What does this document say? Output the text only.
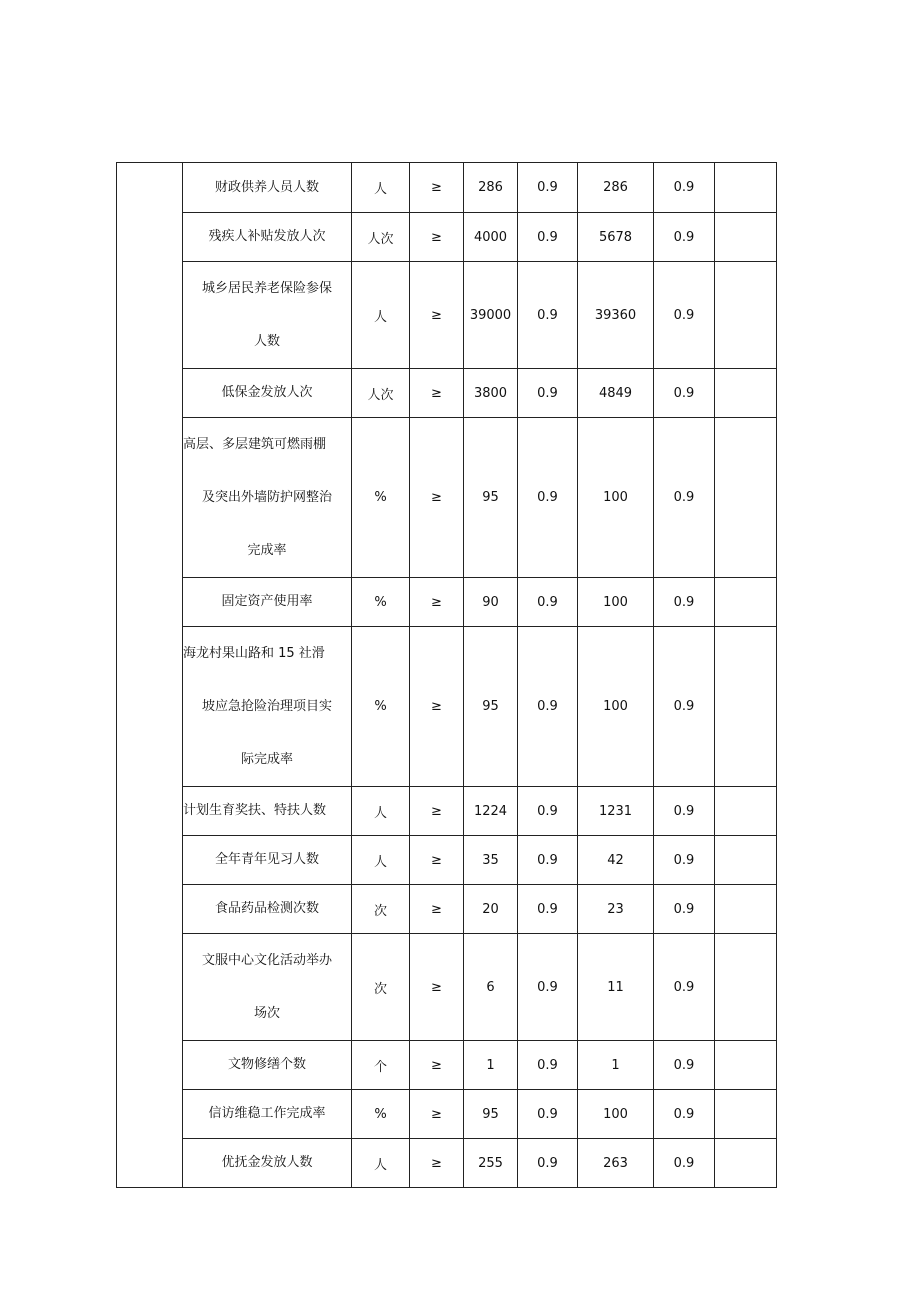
	财政供养人员人数	人	≥	286	0.9	286	0.9	

	残疾人补贴发放人次	人次	≥	4000	0.9	5678	0.9	

	城乡居民养老保险参保
人数	人	≥	39000	0.9	39360	0.9	

	低保金发放人次	人次	≥	3800	0.9	4849	0.9	

	高层、多层建筑可燃雨棚
及突出外墙防护网整治
完成率	%	≥	95	0.9	100	0.9	

	固定资产使用率	%	≥	90	0.9	100	0.9	

	海龙村果山路和 15 社滑
坡应急抢险治理项目实
际完成率	%	≥	95	0.9	100	0.9	

	计划生育奖扶、特扶人数	人	≥	1224	0.9	1231	0.9	

	全年青年见习人数	人	≥	35	0.9	42	0.9	

	食品药品检测次数	次	≥	20	0.9	23	0.9	

	文服中心文化活动举办
场次	次	≥	6	0.9	11	0.9	

	文物修缮个数	个	≥	1	0.9	1	0.9	

	信访维稳工作完成率	%	≥	95	0.9	100	0.9	

	优抚金发放人数	人	≥	255	0.9	263	0.9	
